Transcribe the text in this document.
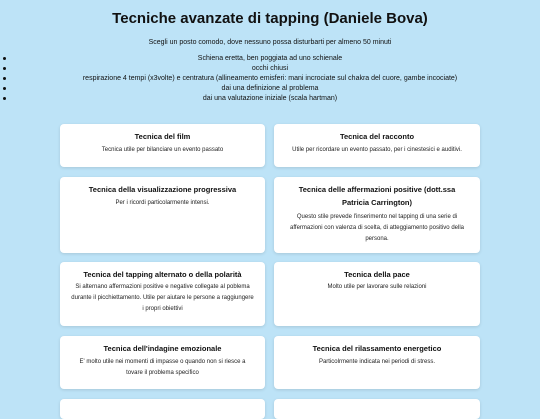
Tecniche avanzate di tapping (Daniele Bova)
Scegli un posto comodo, dove nessuno possa disturbarti per almeno 50 minuti
Schiena eretta, ben poggiata ad uno schienale
occhi chiusi
respirazione 4 tempi (x3volte) e centratura (allineamento emisferi: mani incrociate sul chakra del cuore, gambe incociate)
dai una definizione al problema
dai una valutazione iniziale (scala hartman)
Tecnica del film

Tecnica utile per bilanciare un evento passato

Tecnica del racconto

Utile per ricordare un evento passato, per i cinestesici e auditivi.

Tecnica della visualizzazione progressiva

Per i ricordi particolarmente intensi.

Tecnica delle affermazioni positive (dott.ssa Patricia Carrington)

Questo stile prevede l'inserimento nel tapping di una serie di affermazioni con valenza di scelta, di atteggiamento positivo della persona.

Tecnica del tapping alternato o della polarità

Si alternano affermazioni positive e negative collegate al poblema durante il picchiettamento. Utile per aiutare le persone a raggiungere i propri obiettivi

Tecnica della pace

Molto utile per lavorare sulle relazioni

Tecnica dell'indagine emozionale

E' molto utile nei momenti di impasse o quando non si riesce a tovare il problema specifico

Tecnica del rilassamento energetico

Particolrmente indicata nei periodi di stress.
